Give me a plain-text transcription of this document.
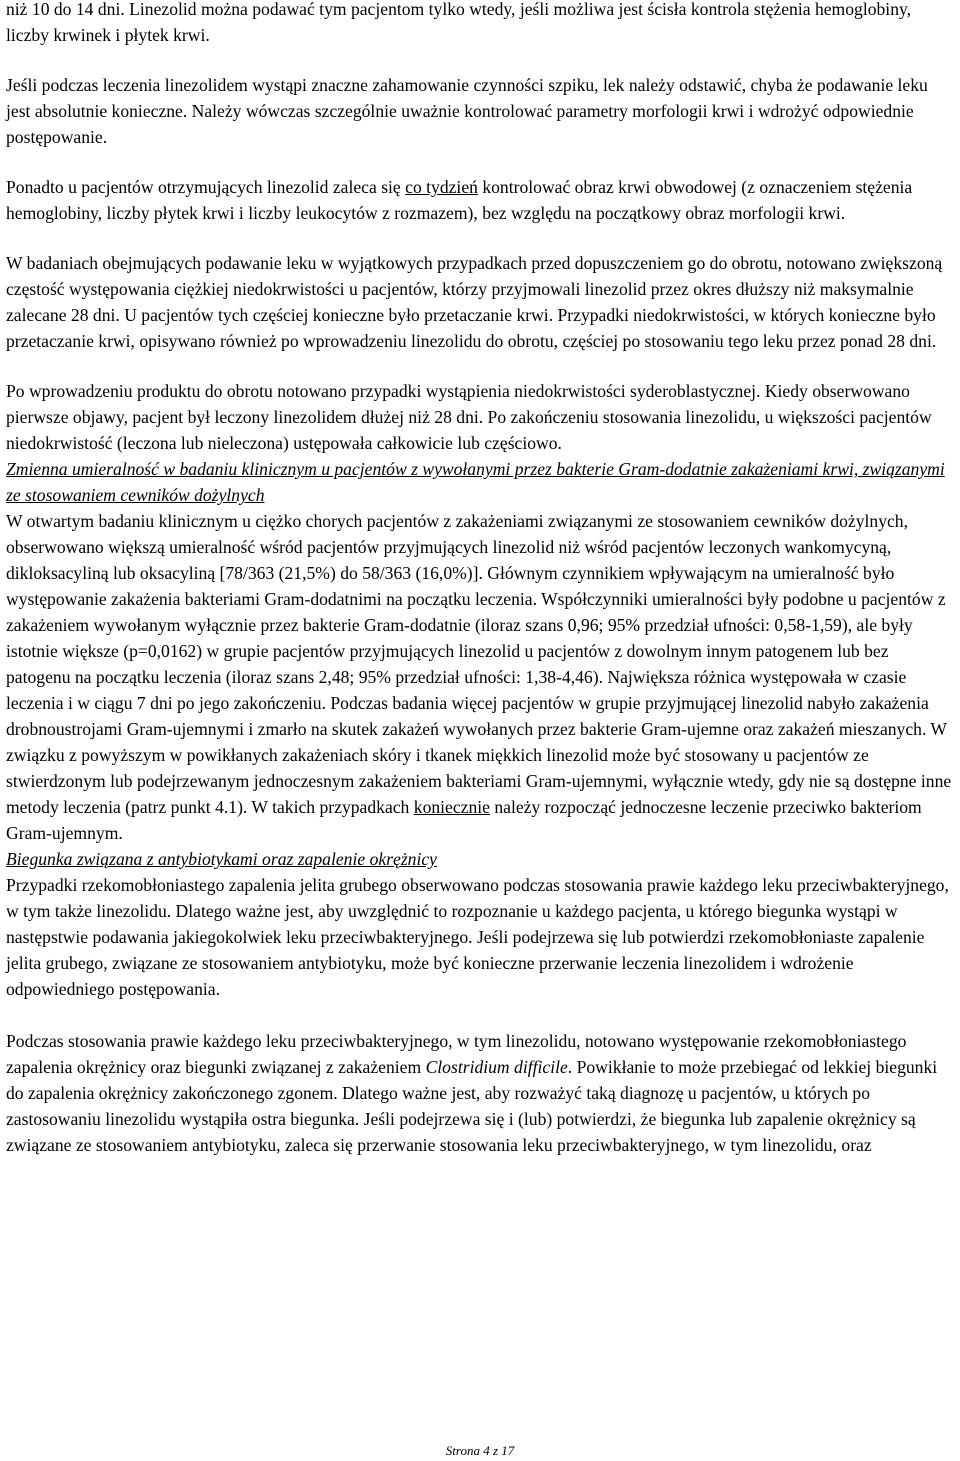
niż 10 do 14 dni. Linezolid można podawać tym pacjentom tylko wtedy, jeśli możliwa jest ścisła kontrola stężenia hemoglobiny, liczby krwinek i płytek krwi.

Jeśli podczas leczenia linezolidem wystąpi znaczne zahamowanie czynności szpiku, lek należy odstawić, chyba że podawanie leku jest absolutnie konieczne. Należy wówczas szczególnie uważnie kontrolować parametry morfologii krwi i wdrożyć odpowiednie postępowanie.

Ponadto u pacjentów otrzymujących linezolid zaleca się co tydzień kontrolować obraz krwi obwodowej (z oznaczeniem stężenia hemoglobiny, liczby płytek krwi i liczby leukocytów z rozmazem), bez względu na początkowy obraz morfologii krwi.

W badaniach obejmujących podawanie leku w wyjątkowych przypadkach przed dopuszczeniem go do obrotu, notowano zwiększoną częstość występowania ciężkiej niedokrwistości u pacjentów, którzy przyjmowali linezolid przez okres dłuższy niż maksymalnie zalecane 28 dni. U pacjentów tych częściej konieczne było przetaczanie krwi. Przypadki niedokrwistości, w których konieczne było przetaczanie krwi, opisywano również po wprowadzeniu linezolidu do obrotu, częściej po stosowaniu tego leku przez ponad 28 dni.

Po wprowadzeniu produktu do obrotu notowano przypadki wystąpienia niedokrwistości syderoblastycznej. Kiedy obserwowano pierwsze objawy, pacjent był leczony linezolidem dłużej niż 28 dni. Po zakończeniu stosowania linezolidu, u większości pacjentów niedokrwistość (leczona lub nieleczona) ustępowała całkowicie lub częściowo.

Zmienna umieralność w badaniu klinicznym u pacjentów z wywołanymi przez bakterie Gram-dodatnie zakażeniami krwi, związanymi ze stosowaniem cewników dożylnych

W otwartym badaniu klinicznym u ciężko chorych pacjentów z zakażeniami związanymi ze stosowaniem cewników dożylnych, obserwowano większą umieralność wśród pacjentów przyjmujących linezolid niż wśród pacjentów leczonych wankomycyną, dikloksacyliną lub oksacyliną [78/363 (21,5%) do 58/363 (16,0%)]. Głównym czynnikiem wpływającym na umieralność było występowanie zakażenia bakteriami Gram-dodatnimi na początku leczenia. Współczynniki umieralności były podobne u pacjentów z zakażeniem wywołanym wyłącznie przez bakterie Gram-dodatnie (iloraz szans 0,96; 95% przedział ufności: 0,58-1,59), ale były istotnie większe (p=0,0162) w grupie pacjentów przyjmujących linezolid u pacjentów z dowolnym innym patogenem lub bez patogenu na początku leczenia (iloraz szans 2,48; 95% przedział ufności: 1,38-4,46). Największa różnica występowała w czasie leczenia i w ciągu 7 dni po jego zakończeniu. Podczas badania więcej pacjentów w grupie przyjmującej linezolid nabyło zakażenia drobnoustrojami Gram-ujemnymi i zmarło na skutek zakażeń wywołanych przez bakterie Gram-ujemne oraz zakażeń mieszanych. W związku z powyższym w powikłanych zakażeniach skóry i tkanek miękkich linezolid może być stosowany u pacjentów ze stwierdzonym lub podejrzewanym jednoczesnym zakażeniem bakteriami Gram-ujemnymi, wyłącznie wtedy, gdy nie są dostępne inne metody leczenia (patrz punkt 4.1). W takich przypadkach koniecznie należy rozpocząć jednoczesne leczenie przeciwko bakteriom Gram-ujemnym.

Biegunka związana z antybiotykami oraz zapalenie okrężnicy

Przypadki rzekomobłoniastego zapalenia jelita grubego obserwowano podczas stosowania prawie każdego leku przeciwbakteryjnego, w tym także linezolidu. Dlatego ważne jest, aby uwzględnić to rozpoznanie u każdego pacjenta, u którego biegunka wystąpi w następstwie podawania jakiegokolwiek leku przeciwbakteryjnego. Jeśli podejrzewa się lub potwierdzi rzekomobłoniaste zapalenie jelita grubego, związane ze stosowaniem antybiotyku, może być konieczne przerwanie leczenia linezolidem i wdrożenie odpowiedniego postępowania.

Podczas stosowania prawie każdego leku przeciwbakteryjnego, w tym linezolidu, notowano występowanie rzekomobłoniastego zapalenia okrężnicy oraz biegunki związanej z zakażeniem Clostridium difficile. Powikłanie to może przebiegać od lekkiej biegunki do zapalenia okrężnicy zakończonego zgonem. Dlatego ważne jest, aby rozważyć taką diagnozę u pacjentów, u których po zastosowaniu linezolidu wystąpiła ostra biegunka. Jeśli podejrzewa się i (lub) potwierdzi, że biegunka lub zapalenie okrężnicy są związane ze stosowaniem antybiotyku, zaleca się przerwanie stosowania leku przeciwbakteryjnego, w tym linezolidu, oraz

Strona 4 z 17
